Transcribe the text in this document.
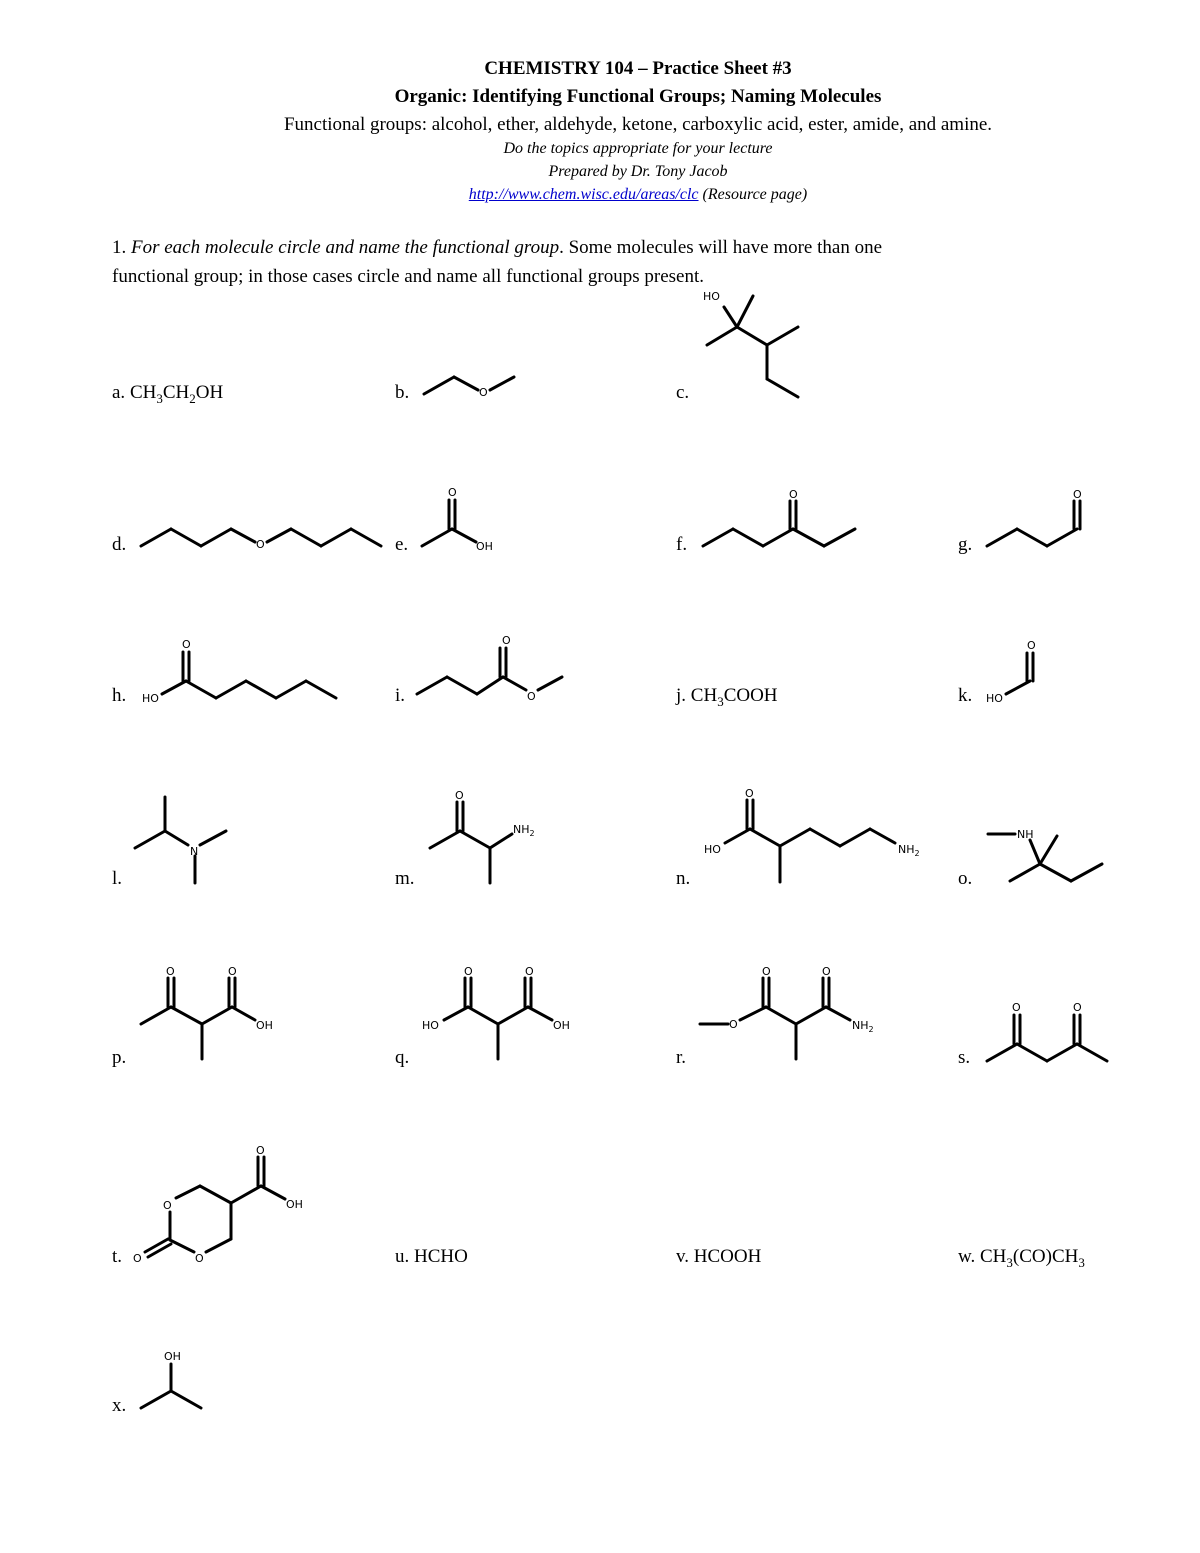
CHEMISTRY 104 – Practice Sheet #3
Organic: Identifying Functional Groups; Naming Molecules
Functional groups: alcohol, ether, aldehyde, ketone, carboxylic acid, ester, amide, and amine.
Do the topics appropriate for your lecture
Prepared by Dr. Tony Jacob
http://www.chem.wisc.edu/areas/clc (Resource page)
1. For each molecule circle and name the functional group. Some molecules will have more than one
functional group; in those cases circle and name all functional groups present.
a. $CH_3CH_2OH$	b.	c.
d.	e.	f.	g.
h.	i.	j. $CH_3COOH$	k.
l.	m.	n.	o.
p.	q.	r.	s.
t.	u. HCHO	v. HCOOH	w. $CH_3(CO)CH_3$
x.
O
HO
O
O
OH
O	O
HO
O	O
O	HO
O
N
O
$NH_2$
HO
O
$NH_2$
NH
O	O
OH	HO
O	O
OH	O
O	O
$NH_2$
O	O
O
O
O
O
OH
OH
